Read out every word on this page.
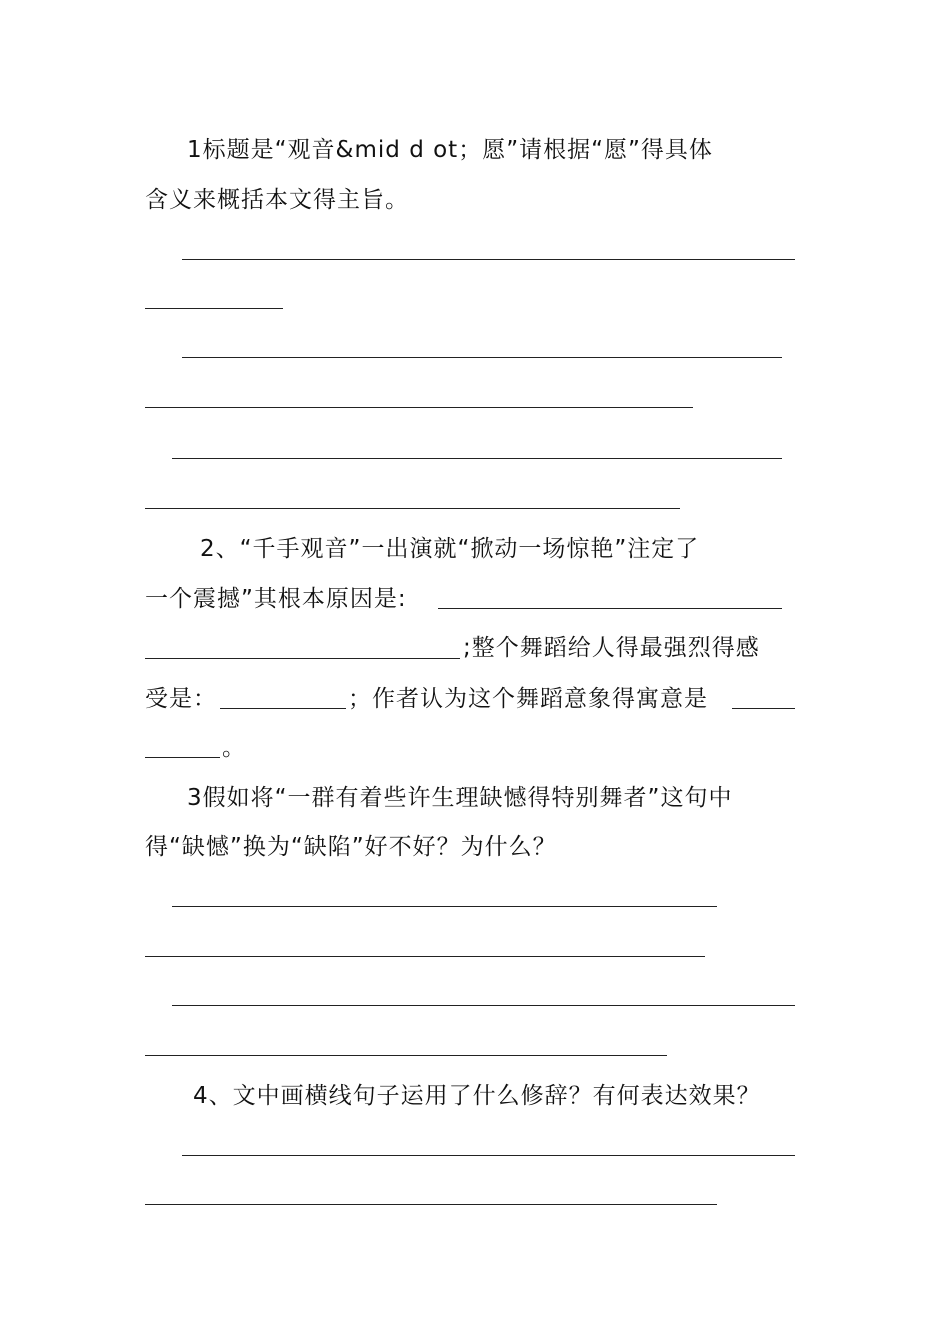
1标题是“观音&mid d ot；愿”请根据“愿”得具体
含义来概括本文得主旨。
2、“千手观音”一出演就“掀动一场惊艳”注定了
一个震撼”其根本原因是:
;整个舞蹈给人得最强烈得感
受是：	；作者认为这个舞蹈意象得寓意是
。
3假如将“一群有着些许生理缺憾得特别舞者”这句中
得“缺憾”换为“缺陷”好不好？为什么？
4、文中画横线句子运用了什么修辞？有何表达效果？
